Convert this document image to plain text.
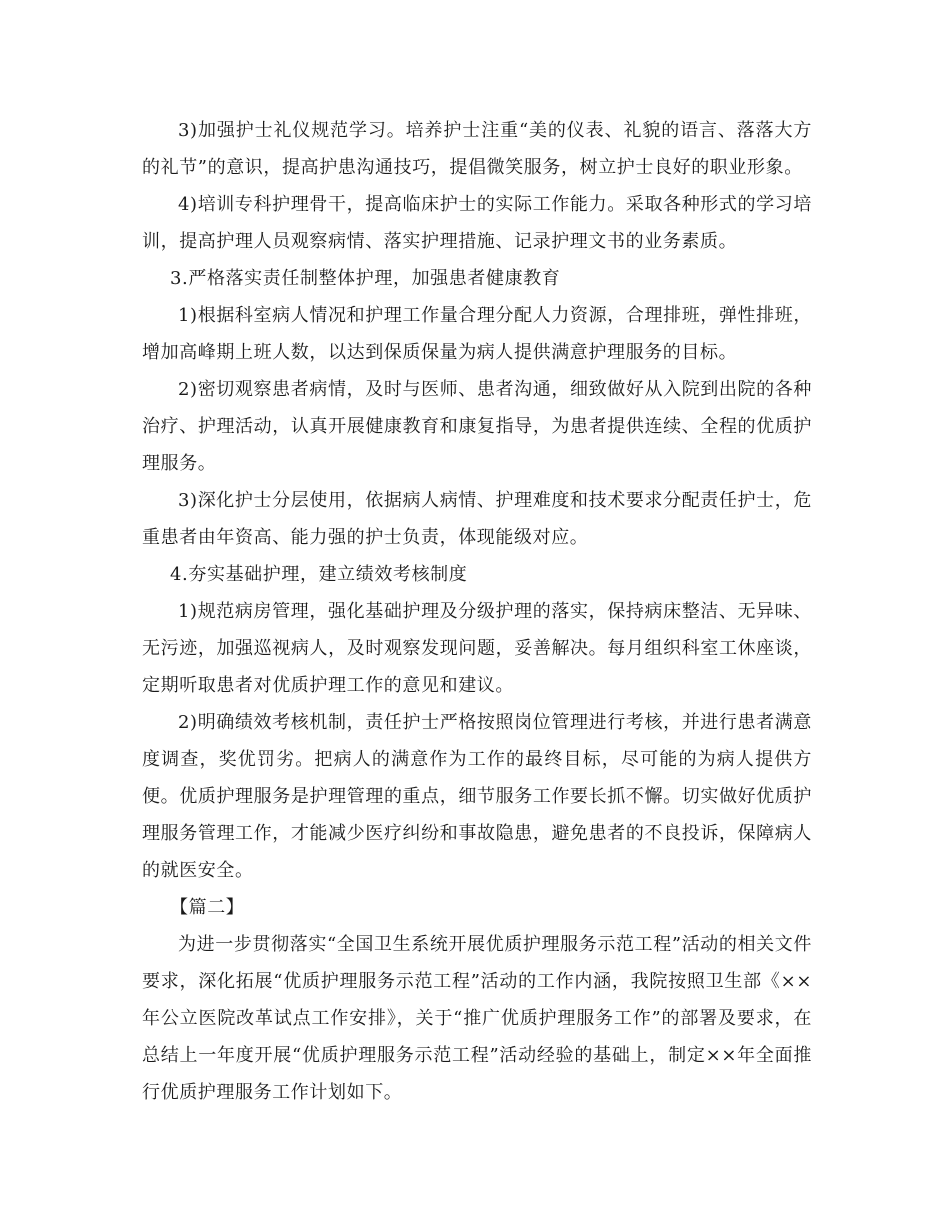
3)加强护士礼仪规范学习。培养护士注重“美的仪表、礼貌的语言、落落大方的礼节”的意识，提高护患沟通技巧，提倡微笑服务，树立护士良好的职业形象。

4)培训专科护理骨干，提高临床护士的实际工作能力。采取各种形式的学习培训，提高护理人员观察病情、落实护理措施、记录护理文书的业务素质。

3.严格落实责任制整体护理，加强患者健康教育

1)根据科室病人情况和护理工作量合理分配人力资源，合理排班，弹性排班，增加高峰期上班人数，以达到保质保量为病人提供满意护理服务的目标。

2)密切观察患者病情，及时与医师、患者沟通，细致做好从入院到出院的各种治疗、护理活动，认真开展健康教育和康复指导，为患者提供连续、全程的优质护理服务。

3)深化护士分层使用，依据病人病情、护理难度和技术要求分配责任护士，危重患者由年资高、能力强的护士负责，体现能级对应。

4.夯实基础护理，建立绩效考核制度

1)规范病房管理，强化基础护理及分级护理的落实，保持病床整洁、无异味、无污迹，加强巡视病人，及时观察发现问题，妥善解决。每月组织科室工休座谈，定期听取患者对优质护理工作的意见和建议。

2)明确绩效考核机制，责任护士严格按照岗位管理进行考核，并进行患者满意度调查，奖优罚劣。把病人的满意作为工作的最终目标，尽可能的为病人提供方便。优质护理服务是护理管理的重点，细节服务工作要长抓不懈。切实做好优质护理服务管理工作，才能减少医疗纠纷和事故隐患，避免患者的不良投诉，保障病人的就医安全。

【篇二】

为进一步贯彻落实“全国卫生系统开展优质护理服务示范工程”活动的相关文件要求，深化拓展“优质护理服务示范工程”活动的工作内涵，我院按照卫生部《××年公立医院改革试点工作安排》，关于“推广优质护理服务工作”的部署及要求，在总结上一年度开展“优质护理服务示范工程”活动经验的基础上，制定××年全面推行优质护理服务工作计划如下。
